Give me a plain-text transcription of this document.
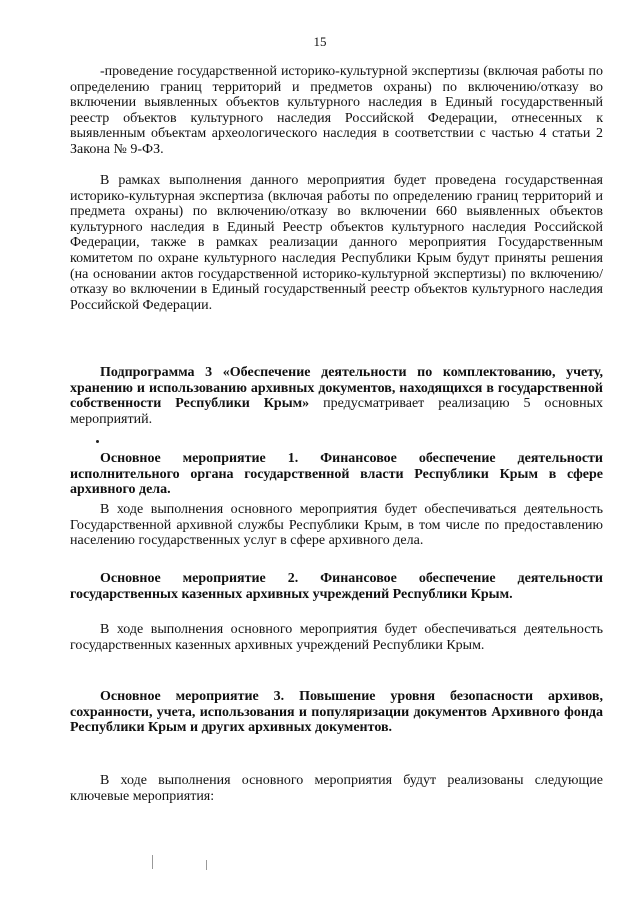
15

-проведение государственной историко-культурной экспертизы (включая работы по определению границ территорий и предметов охраны) по включению/отказу во включении выявленных объектов культурного наследия в Единый государственный реестр объектов культурного наследия Российской Федерации, отнесенных к выявленным объектам археологического наследия в соответствии с частью 4 статьи 2 Закона № 9-ФЗ.

В рамках выполнения данного мероприятия будет проведена государственная историко-культурная экспертиза (включая работы по определению границ территорий и предмета охраны) по включению/отказу во включении 660 выявленных объектов культурного наследия в Единый Реестр объектов культурного наследия Российской Федерации, также в рамках реализации данного мероприятия Государственным комитетом по охране культурного наследия Республики Крым будут приняты решения (на основании актов государственной историко-культурной экспертизы) по включению/отказу во включении в Единый государственный реестр объектов культурного наследия Российской Федерации.

Подпрограмма 3 «Обеспечение деятельности по комплектованию, учету, хранению и использованию архивных документов, находящихся в государственной собственности Республики Крым» предусматривает реализацию 5 основных мероприятий.

Основное мероприятие 1. Финансовое обеспечение деятельности исполнительного органа государственной власти Республики Крым в сфере архивного дела.

В ходе выполнения основного мероприятия будет обеспечиваться деятельность Государственной архивной службы Республики Крым, в том числе по предоставлению населению государственных услуг в сфере архивного дела.

Основное мероприятие 2. Финансовое обеспечение деятельности государственных казенных архивных учреждений Республики Крым.

В ходе выполнения основного мероприятия будет обеспечиваться деятельность государственных казенных архивных учреждений Республики Крым.

Основное мероприятие 3. Повышение уровня безопасности архивов, сохранности, учета, использования и популяризации документов Архивного фонда Республики Крым и других архивных документов.

В ходе выполнения основного мероприятия будут реализованы следующие ключевые мероприятия:
